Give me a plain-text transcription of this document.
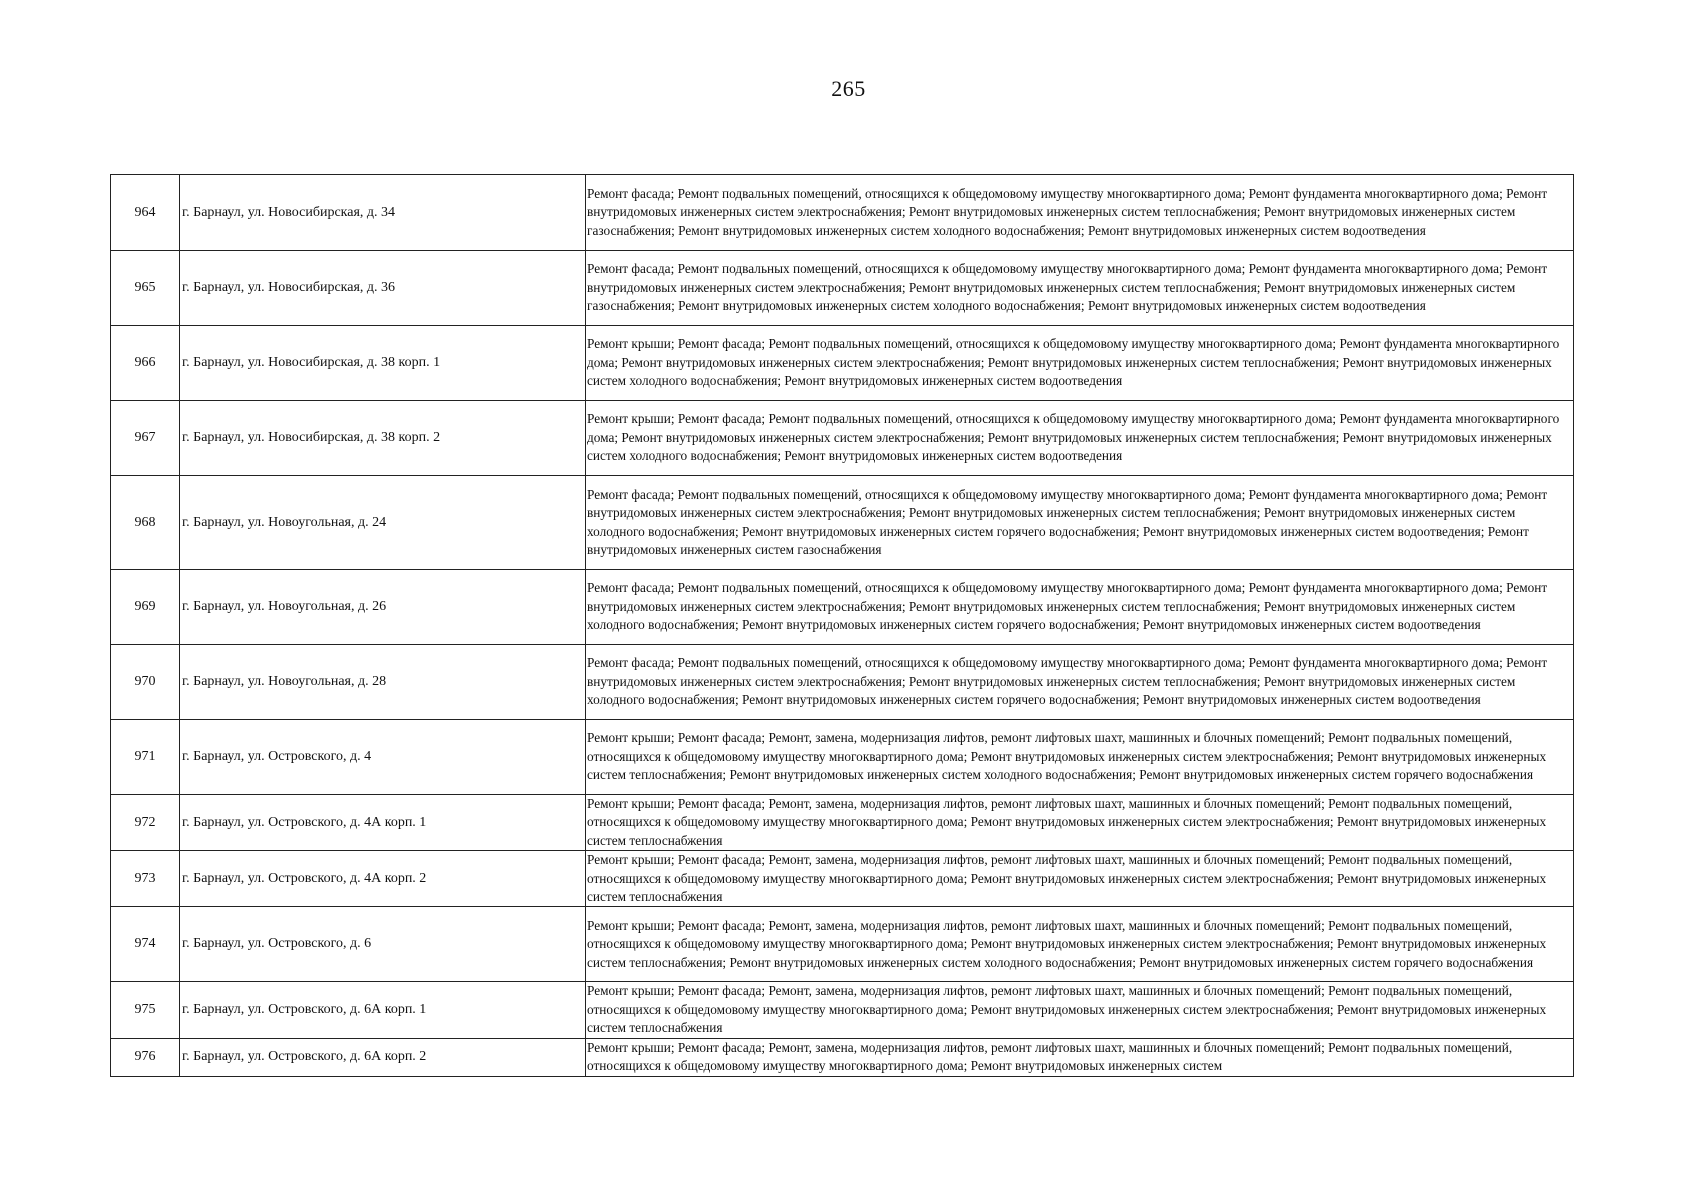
265
964	г. Барнаул, ул. Новосибирская, д. 34	Ремонт фасада; Ремонт подвальных помещений, относящихся к общедомовому имуществу многоквартирного дома; Ремонт фундамента многоквартирного дома; Ремонт внутридомовых инженерных систем электроснабжения; Ремонт внутридомовых инженерных систем теплоснабжения; Ремонт внутридомовых инженерных систем газоснабжения; Ремонт внутридомовых инженерных систем холодного водоснабжения; Ремонт внутридомовых инженерных систем водоотведения

965	г. Барнаул, ул. Новосибирская, д. 36	Ремонт фасада; Ремонт подвальных помещений, относящихся к общедомовому имуществу многоквартирного дома; Ремонт фундамента многоквартирного дома; Ремонт внутридомовых инженерных систем электроснабжения; Ремонт внутридомовых инженерных систем теплоснабжения; Ремонт внутридомовых инженерных систем газоснабжения; Ремонт внутридомовых инженерных систем холодного водоснабжения; Ремонт внутридомовых инженерных систем водоотведения

966	г. Барнаул, ул. Новосибирская, д. 38 корп. 1	Ремонт крыши; Ремонт фасада; Ремонт подвальных помещений, относящихся к общедомовому имуществу многоквартирного дома; Ремонт фундамента многоквартирного дома; Ремонт внутридомовых инженерных систем электроснабжения; Ремонт внутридомовых инженерных систем теплоснабжения; Ремонт внутридомовых инженерных систем холодного водоснабжения; Ремонт внутридомовых инженерных систем водоотведения

967	г. Барнаул, ул. Новосибирская, д. 38 корп. 2	Ремонт крыши; Ремонт фасада; Ремонт подвальных помещений, относящихся к общедомовому имуществу многоквартирного дома; Ремонт фундамента многоквартирного дома; Ремонт внутридомовых инженерных систем электроснабжения; Ремонт внутридомовых инженерных систем теплоснабжения; Ремонт внутридомовых инженерных систем холодного водоснабжения; Ремонт внутридомовых инженерных систем водоотведения

968	г. Барнаул, ул. Новоугольная, д. 24	Ремонт фасада; Ремонт подвальных помещений, относящихся к общедомовому имуществу многоквартирного дома; Ремонт фундамента многоквартирного дома; Ремонт внутридомовых инженерных систем электроснабжения; Ремонт внутридомовых инженерных систем теплоснабжения; Ремонт внутридомовых инженерных систем холодного водоснабжения; Ремонт внутридомовых инженерных систем горячего водоснабжения; Ремонт внутридомовых инженерных систем водоотведения; Ремонт внутридомовых инженерных систем газоснабжения

969	г. Барнаул, ул. Новоугольная, д. 26	Ремонт фасада; Ремонт подвальных помещений, относящихся к общедомовому имуществу многоквартирного дома; Ремонт фундамента многоквартирного дома; Ремонт внутридомовых инженерных систем электроснабжения; Ремонт внутридомовых инженерных систем теплоснабжения; Ремонт внутридомовых инженерных систем холодного водоснабжения; Ремонт внутридомовых инженерных систем горячего водоснабжения; Ремонт внутридомовых инженерных систем водоотведения

970	г. Барнаул, ул. Новоугольная, д. 28	Ремонт фасада; Ремонт подвальных помещений, относящихся к общедомовому имуществу многоквартирного дома; Ремонт фундамента многоквартирного дома; Ремонт внутридомовых инженерных систем электроснабжения; Ремонт внутридомовых инженерных систем теплоснабжения; Ремонт внутридомовых инженерных систем холодного водоснабжения; Ремонт внутридомовых инженерных систем горячего водоснабжения; Ремонт внутридомовых инженерных систем водоотведения

971	г. Барнаул, ул. Островского, д. 4	Ремонт крыши; Ремонт фасада; Ремонт, замена, модернизация лифтов, ремонт лифтовых шахт, машинных и блочных помещений; Ремонт подвальных помещений, относящихся к общедомовому имуществу многоквартирного дома; Ремонт внутридомовых инженерных систем электроснабжения; Ремонт внутридомовых инженерных систем теплоснабжения; Ремонт внутридомовых инженерных систем холодного водоснабжения; Ремонт внутридомовых инженерных систем горячего водоснабжения

972	г. Барнаул, ул. Островского, д. 4А корп. 1	Ремонт крыши; Ремонт фасада; Ремонт, замена, модернизация лифтов, ремонт лифтовых шахт, машинных и блочных помещений; Ремонт подвальных помещений, относящихся к общедомовому имуществу многоквартирного дома; Ремонт внутридомовых инженерных систем электроснабжения; Ремонт внутридомовых инженерных систем теплоснабжения

973	г. Барнаул, ул. Островского, д. 4А корп. 2	Ремонт крыши; Ремонт фасада; Ремонт, замена, модернизация лифтов, ремонт лифтовых шахт, машинных и блочных помещений; Ремонт подвальных помещений, относящихся к общедомовому имуществу многоквартирного дома; Ремонт внутридомовых инженерных систем электроснабжения; Ремонт внутридомовых инженерных систем теплоснабжения

974	г. Барнаул, ул. Островского, д. 6	Ремонт крыши; Ремонт фасада; Ремонт, замена, модернизация лифтов, ремонт лифтовых шахт, машинных и блочных помещений; Ремонт подвальных помещений, относящихся к общедомовому имуществу многоквартирного дома; Ремонт внутридомовых инженерных систем электроснабжения; Ремонт внутридомовых инженерных систем теплоснабжения; Ремонт внутридомовых инженерных систем холодного водоснабжения; Ремонт внутридомовых инженерных систем горячего водоснабжения

975	г. Барнаул, ул. Островского, д. 6А корп. 1	Ремонт крыши; Ремонт фасада; Ремонт, замена, модернизация лифтов, ремонт лифтовых шахт, машинных и блочных помещений; Ремонт подвальных помещений, относящихся к общедомовому имуществу многоквартирного дома; Ремонт внутридомовых инженерных систем электроснабжения; Ремонт внутридомовых инженерных систем теплоснабжения

976	г. Барнаул, ул. Островского, д. 6А корп. 2	Ремонт крыши; Ремонт фасада; Ремонт, замена, модернизация лифтов, ремонт лифтовых шахт, машинных и блочных помещений; Ремонт подвальных помещений, относящихся к общедомовому имуществу многоквартирного дома; Ремонт внутридомовых инженерных систем
